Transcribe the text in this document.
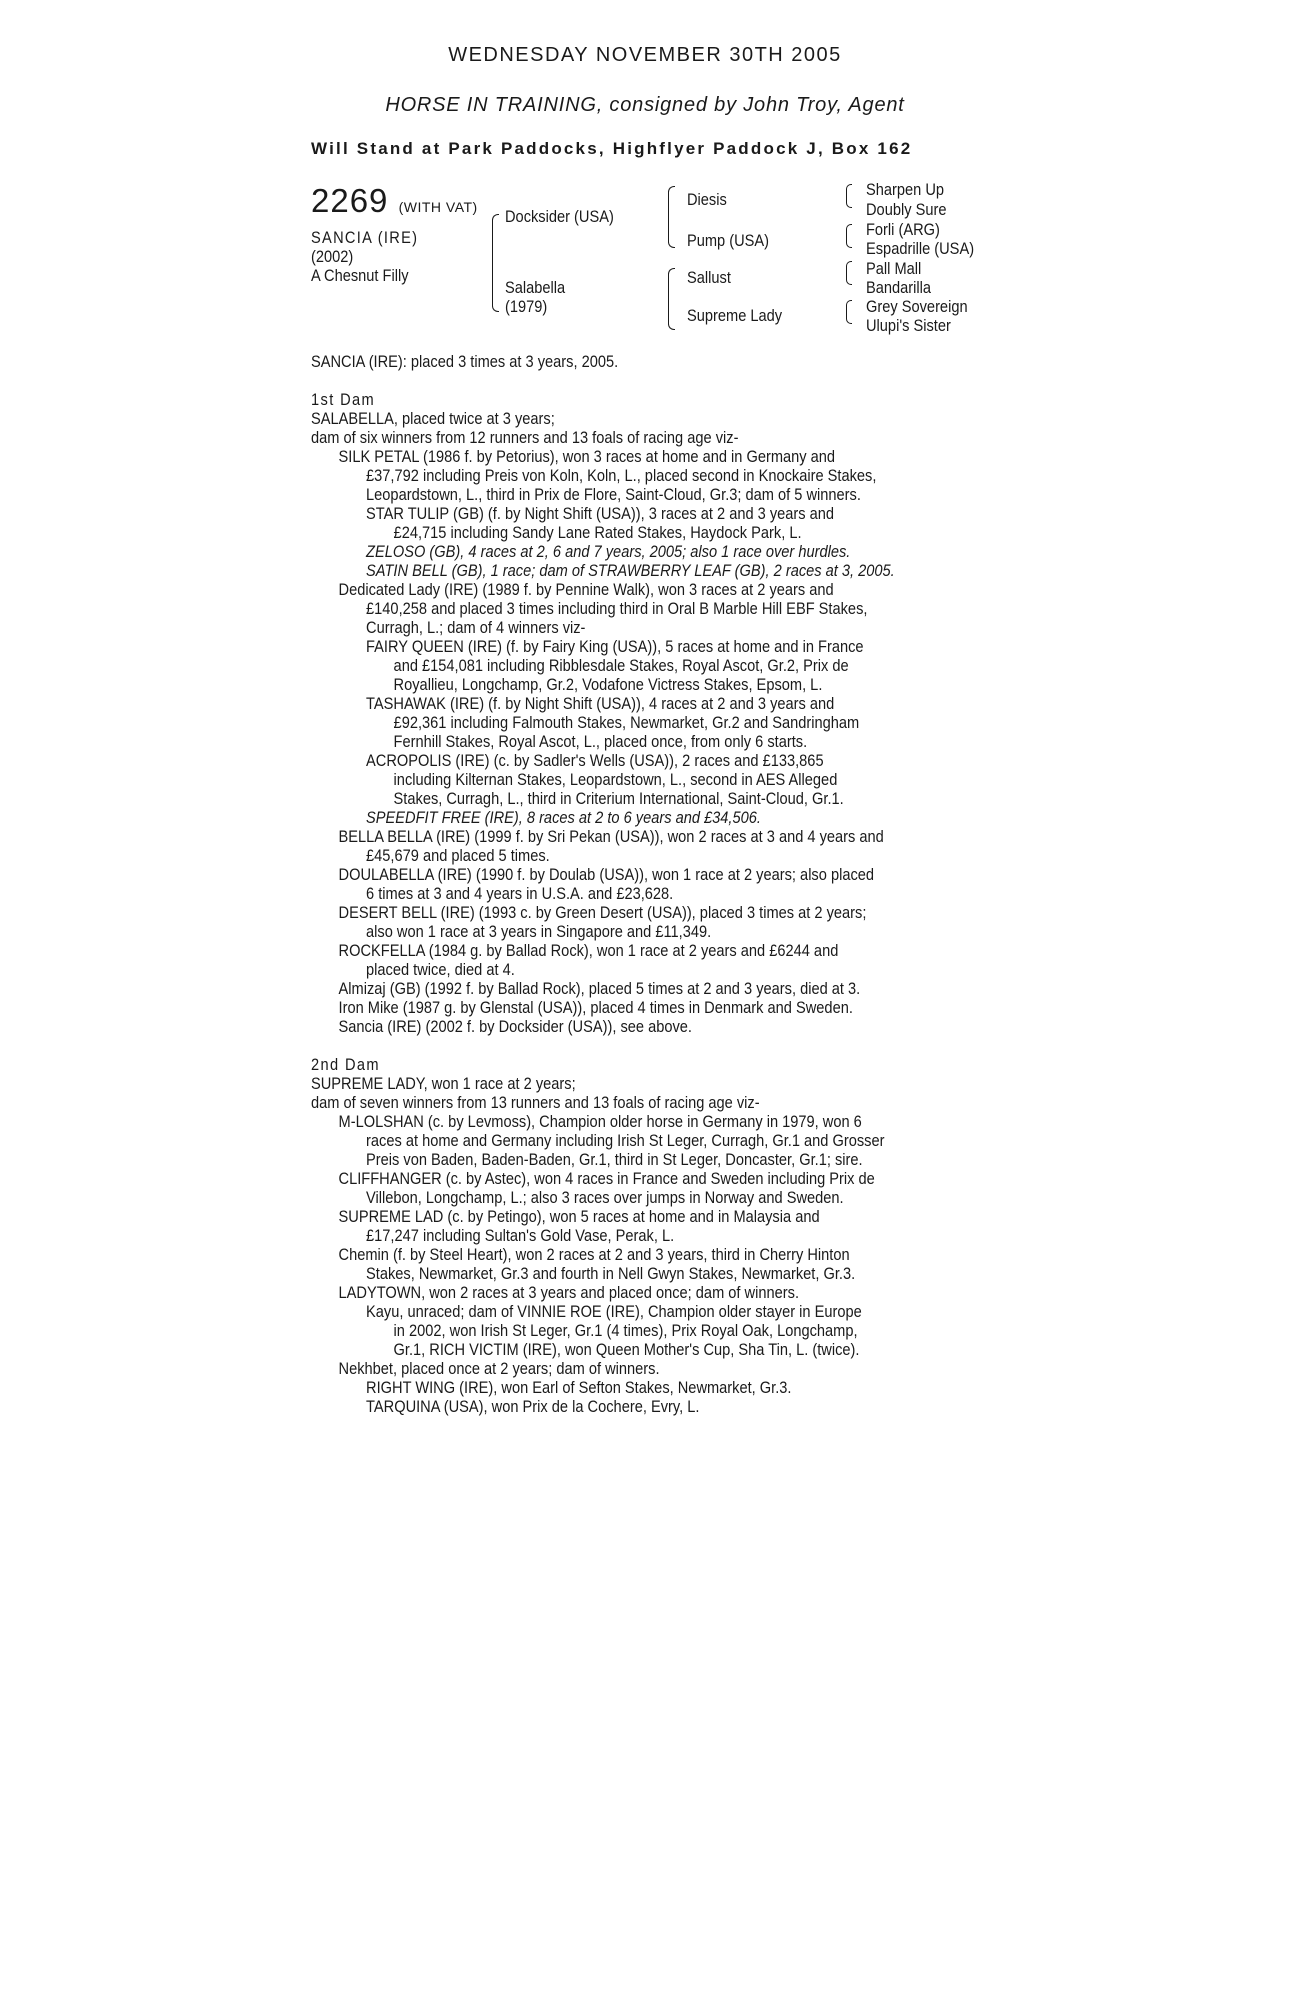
WEDNESDAY NOVEMBER 30TH 2005
HORSE IN TRAINING, consigned by John Troy, Agent
Will Stand at Park Paddocks, Highflyer Paddock J, Box 162
2269 (WITH VAT)
SANCIA (IRE)
(2002)
A Chesnut Filly
Docksider (USA)
Salabella
(1979)
Diesis
Pump (USA)
Sallust
Supreme Lady
Sharpen Up
Doubly Sure
Forli (ARG)
Espadrille (USA)
Pall Mall
Bandarilla
Grey Sovereign
Ulupi's Sister
SANCIA (IRE): placed 3 times at 3 years, 2005.
1st Dam
SALABELLA, placed twice at 3 years;
dam of six winners from 12 runners and 13 foals of racing age viz-
SILK PETAL (1986 f. by Petorius), won 3 races at home and in Germany and
£37,792 including Preis von Koln, Koln, L., placed second in Knockaire Stakes,
Leopardstown, L., third in Prix de Flore, Saint-Cloud, Gr.3; dam of 5 winners.
STAR TULIP (GB) (f. by Night Shift (USA)), 3 races at 2 and 3 years and
£24,715 including Sandy Lane Rated Stakes, Haydock Park, L.
ZELOSO (GB), 4 races at 2, 6 and 7 years, 2005; also 1 race over hurdles.
SATIN BELL (GB), 1 race; dam of STRAWBERRY LEAF (GB), 2 races at 3, 2005.
Dedicated Lady (IRE) (1989 f. by Pennine Walk), won 3 races at 2 years and
£140,258 and placed 3 times including third in Oral B Marble Hill EBF Stakes,
Curragh, L.; dam of 4 winners viz-
FAIRY QUEEN (IRE) (f. by Fairy King (USA)), 5 races at home and in France
and £154,081 including Ribblesdale Stakes, Royal Ascot, Gr.2, Prix de
Royallieu, Longchamp, Gr.2, Vodafone Victress Stakes, Epsom, L.
TASHAWAK (IRE) (f. by Night Shift (USA)), 4 races at 2 and 3 years and
£92,361 including Falmouth Stakes, Newmarket, Gr.2 and Sandringham
Fernhill Stakes, Royal Ascot, L., placed once, from only 6 starts.
ACROPOLIS (IRE) (c. by Sadler's Wells (USA)), 2 races and £133,865
including Kilternan Stakes, Leopardstown, L., second in AES Alleged
Stakes, Curragh, L., third in Criterium International, Saint-Cloud, Gr.1.
SPEEDFIT FREE (IRE), 8 races at 2 to 6 years and £34,506.
BELLA BELLA (IRE) (1999 f. by Sri Pekan (USA)), won 2 races at 3 and 4 years and
£45,679 and placed 5 times.
DOULABELLA (IRE) (1990 f. by Doulab (USA)), won 1 race at 2 years; also placed
6 times at 3 and 4 years in U.S.A. and £23,628.
DESERT BELL (IRE) (1993 c. by Green Desert (USA)), placed 3 times at 2 years;
also won 1 race at 3 years in Singapore and £11,349.
ROCKFELLA (1984 g. by Ballad Rock), won 1 race at 2 years and £6244 and
placed twice, died at 4.
Almizaj (GB) (1992 f. by Ballad Rock), placed 5 times at 2 and 3 years, died at 3.
Iron Mike (1987 g. by Glenstal (USA)), placed 4 times in Denmark and Sweden.
Sancia (IRE) (2002 f. by Docksider (USA)), see above.
2nd Dam
SUPREME LADY, won 1 race at 2 years;
dam of seven winners from 13 runners and 13 foals of racing age viz-
M-LOLSHAN (c. by Levmoss), Champion older horse in Germany in 1979, won 6
races at home and Germany including Irish St Leger, Curragh, Gr.1 and Grosser
Preis von Baden, Baden-Baden, Gr.1, third in St Leger, Doncaster, Gr.1; sire.
CLIFFHANGER (c. by Astec), won 4 races in France and Sweden including Prix de
Villebon, Longchamp, L.; also 3 races over jumps in Norway and Sweden.
SUPREME LAD (c. by Petingo), won 5 races at home and in Malaysia and
£17,247 including Sultan's Gold Vase, Perak, L.
Chemin (f. by Steel Heart), won 2 races at 2 and 3 years, third in Cherry Hinton
Stakes, Newmarket, Gr.3 and fourth in Nell Gwyn Stakes, Newmarket, Gr.3.
LADYTOWN, won 2 races at 3 years and placed once; dam of winners.
Kayu, unraced; dam of VINNIE ROE (IRE), Champion older stayer in Europe
in 2002, won Irish St Leger, Gr.1 (4 times), Prix Royal Oak, Longchamp,
Gr.1, RICH VICTIM (IRE), won Queen Mother's Cup, Sha Tin, L. (twice).
Nekhbet, placed once at 2 years; dam of winners.
RIGHT WING (IRE), won Earl of Sefton Stakes, Newmarket, Gr.3.
TARQUINA (USA), won Prix de la Cochere, Evry, L.
